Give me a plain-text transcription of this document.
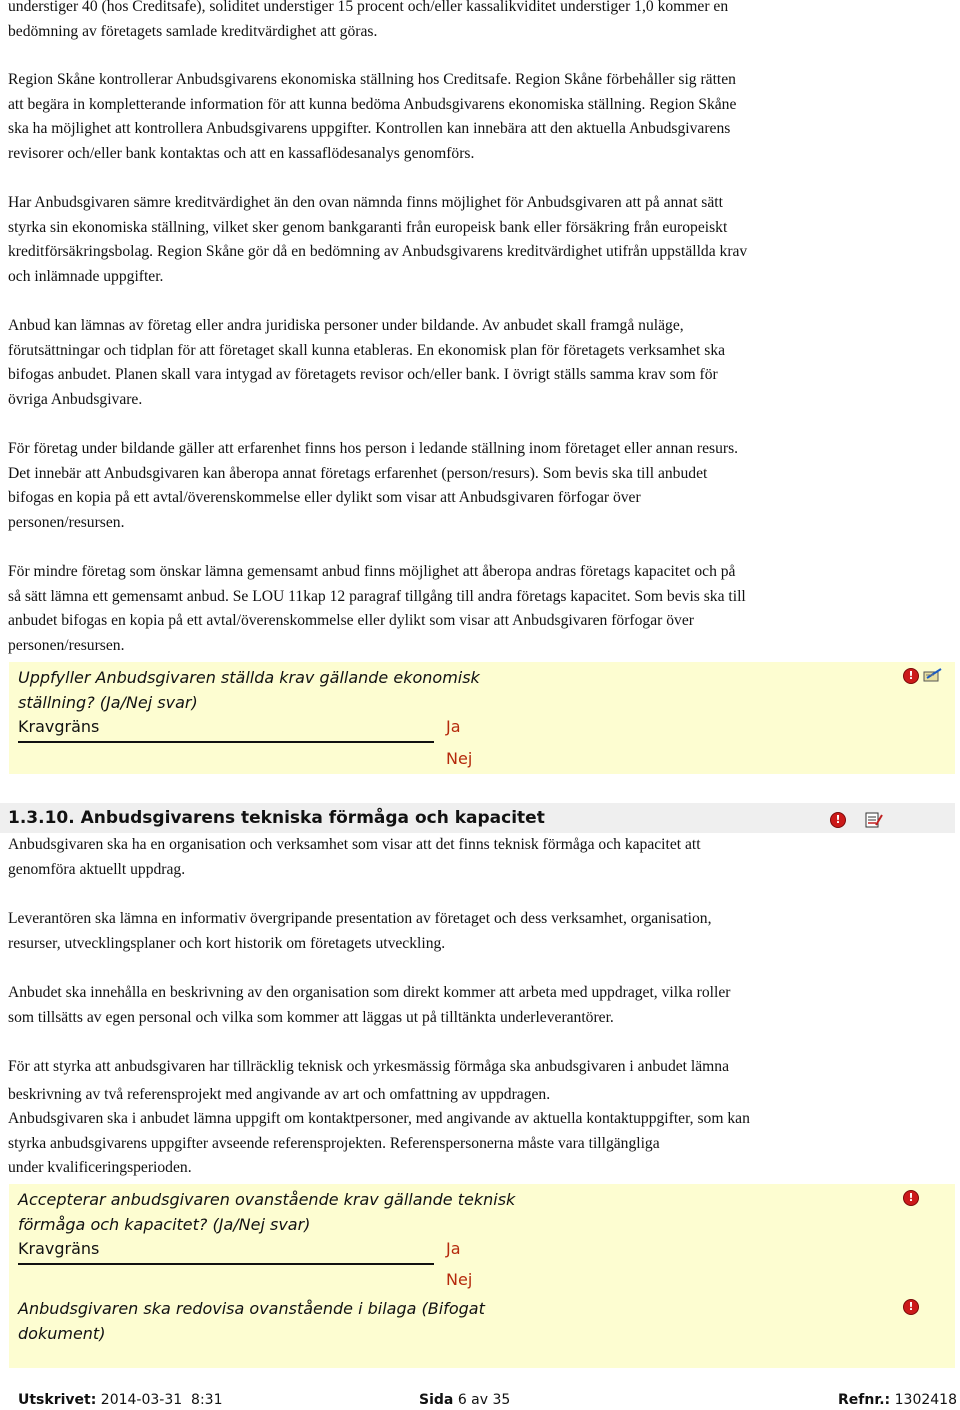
understiger 40 (hos Creditsafe), soliditet understiger 15 procent och/eller kassalikviditet understiger 1,0 kommer en
bedömning av företagets samlade kreditvärdighet att göras.
Region Skåne kontrollerar Anbudsgivarens ekonomiska ställning hos Creditsafe. Region Skåne förbehåller sig rätten
att begära in kompletterande information för att kunna bedöma Anbudsgivarens ekonomiska ställning. Region Skåne
ska ha möjlighet att kontrollera Anbudsgivarens uppgifter. Kontrollen kan innebära att den aktuella Anbudsgivarens
revisorer och/eller bank kontaktas och att en kassaflödesanalys genomförs.
Har Anbudsgivaren sämre kreditvärdighet än den ovan nämnda finns möjlighet för Anbudsgivaren att på annat sätt
styrka sin ekonomiska ställning, vilket sker genom bankgaranti från europeisk bank eller försäkring från europeiskt
kreditförsäkringsbolag. Region Skåne gör då en bedömning av Anbudsgivarens kreditvärdighet utifrån uppställda krav
och inlämnade uppgifter.
Anbud kan lämnas av företag eller andra juridiska personer under bildande. Av anbudet skall framgå nuläge,
förutsättningar och tidplan för att företaget skall kunna etableras. En ekonomisk plan för företagets verksamhet ska
bifogas anbudet. Planen skall vara intygad av företagets revisor och/eller bank. I övrigt ställs samma krav som för
övriga Anbudsgivare.
För företag under bildande gäller att erfarenhet finns hos person i ledande ställning inom företaget eller annan resurs.
Det innebär att Anbudsgivaren kan åberopa annat företags erfarenhet (person/resurs). Som bevis ska till anbudet
bifogas en kopia på ett avtal/överenskommelse eller dylikt som visar att Anbudsgivaren förfogar över
personen/resursen.
För mindre företag som önskar lämna gemensamt anbud finns möjlighet att åberopa andras företags kapacitet och på
så sätt lämna ett gemensamt anbud. Se LOU 11kap 12 paragraf tillgång till andra företags kapacitet. Som bevis ska till
anbudet bifogas en kopia på ett avtal/överenskommelse eller dylikt som visar att Anbudsgivaren förfogar över
personen/resursen.
Uppfyller Anbudsgivaren ställda krav gällande ekonomisk
ställning? (Ja/Nej svar)
Kravgräns	Ja
Nej
!
1.3.10. Anbudsgivarens tekniska förmåga och kapacitet	!
Anbudsgivaren ska ha en organisation och verksamhet som visar att det finns teknisk förmåga och kapacitet att
genomföra aktuellt uppdrag.
Leverantören ska lämna en informativ övergripande presentation av företaget och dess verksamhet, organisation,
resurser, utvecklingsplaner och kort historik om företagets utveckling.
Anbudet ska innehålla en beskrivning av den organisation som direkt kommer att arbeta med uppdraget, vilka roller
som tillsätts av egen personal och vilka som kommer att läggas ut på tilltänkta underleverantörer.
För att styrka att anbudsgivaren har tillräcklig teknisk och yrkesmässig förmåga ska anbudsgivaren i anbudet lämna
beskrivning av två referensprojekt med angivande av art och omfattning av uppdragen.
Anbudsgivaren ska i anbudet lämna uppgift om kontaktpersoner, med angivande av aktuella kontaktuppgifter, som kan
styrka anbudsgivarens uppgifter avseende referensprojekten. Referenspersonerna måste vara tillgängliga
under kvalificeringsperioden.
Accepterar anbudsgivaren ovanstående krav gällande teknisk
förmåga och kapacitet? (Ja/Nej svar)
Kravgräns	Ja
Nej
!
Anbudsgivaren ska redovisa ovanstående i bilaga (Bifogat
dokument)
!
Utskrivet: 2014-03-31  8:31	Sida 6 av 35	Refnr.: 1302418
